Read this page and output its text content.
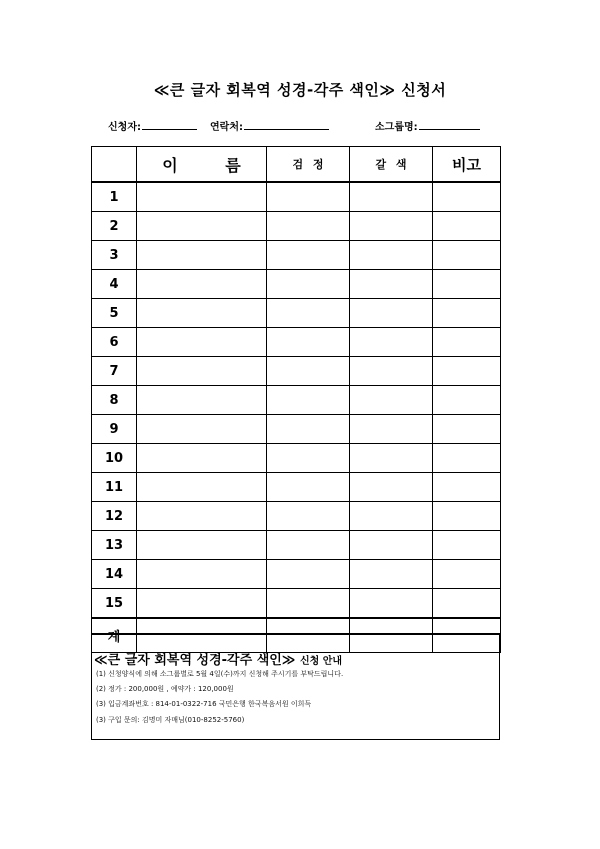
≪큰 글자 회복역 성경-각주 색인≫ 신청서
신청자:	연락처:	소그룹명:
	이 름	검 정	갈 색	비고
1				
2				
3				
4				
5				
6				
7				
8				
9				
10				
11				
12				
13				
14				
15				
계				
≪큰 글자 회복역 성경-각주 색인≫ 신청 안내
(1) 신청양식에 의해 소그룹별로 5월 4일(수)까지 신청해 주시기를 부탁드립니다.
(2) 정가 : 200,000원 , 예약가 : 120,000원
(3) 입금계좌번호 : 814-01-0322-716 국민은행 한국복음서원 이희득
(3) 구입 문의: 김명미 자매님(010-8252-5760)
